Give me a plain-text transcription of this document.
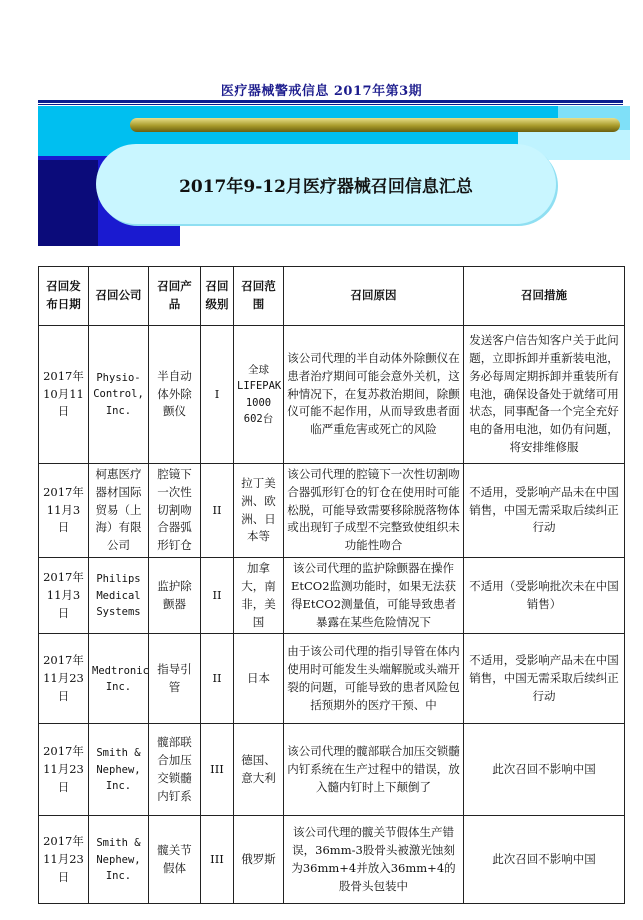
医疗器械警戒信息 2017年第3期
2017年9-12月医疗器械召回信息汇总
召回发布日期	召回公司	召回产品	召回级别	召回范围	召回原因	召回措施
2017年10月11日	Physio-Control, Inc.	半自动体外除颤仪	I	全球LIFEPAK 1000 602台	该公司代理的半自动体外除颤仪在患者治疗期间可能会意外关机，这种情况下，在复苏救治期间，除颤仪可能不起作用，从而导致患者面临严重危害或死亡的风险	发送客户信告知客户关于此问题，立即拆卸并重新装电池，务必每周定期拆卸并重装所有电池，确保设备处于就绪可用状态，同事配备一个完全充好电的备用电池，如仍有问题，将安排维修服
2017年11月3日	柯惠医疗器材国际贸易（上海）有限公司	腔镜下一次性切割吻合器弧形钉仓	II	拉丁美洲、欧洲、日本等	该公司代理的腔镜下一次性切割吻合器弧形钉仓的钉仓在使用时可能松脱，可能导致需要移除脱落物体或出现钉子成型不完整致使组织未功能性吻合	不适用，受影响产品未在中国销售，中国无需采取后续纠正行动
2017年11月3日	Philips Medical Systems	监护除颤器	II	加拿大，南非，美国	该公司代理的监护除颤器在操作EtCO2监测功能时，如果无法获得EtCO2测量值，可能导致患者暴露在某些危险情况下	不适用（受影响批次未在中国销售）
2017年11月23日	Medtronic Inc.	指导引管	II	日本	由于该公司代理的指引导管在体内使用时可能发生头端解脱或头端开裂的问题，可能导致的患者风险包括预期外的医疗干预、中	不适用，受影响产品未在中国销售，中国无需采取后续纠正行动
2017年11月23日	Smith & Nephew, Inc.	髋部联合加压交锁髓内钉系	III	德国、意大利	该公司代理的髋部联合加压交锁髓内钉系统在生产过程中的错误，放入髓内钉时上下颠倒了	此次召回不影响中国
2017年11月23日	Smith & Nephew, Inc.	髋关节假体	III	俄罗斯	该公司代理的髋关节假体生产错误，36mm-3股骨头被激光蚀刻为36mm+4并放入36mm+4的股骨头包装中	此次召回不影响中国
